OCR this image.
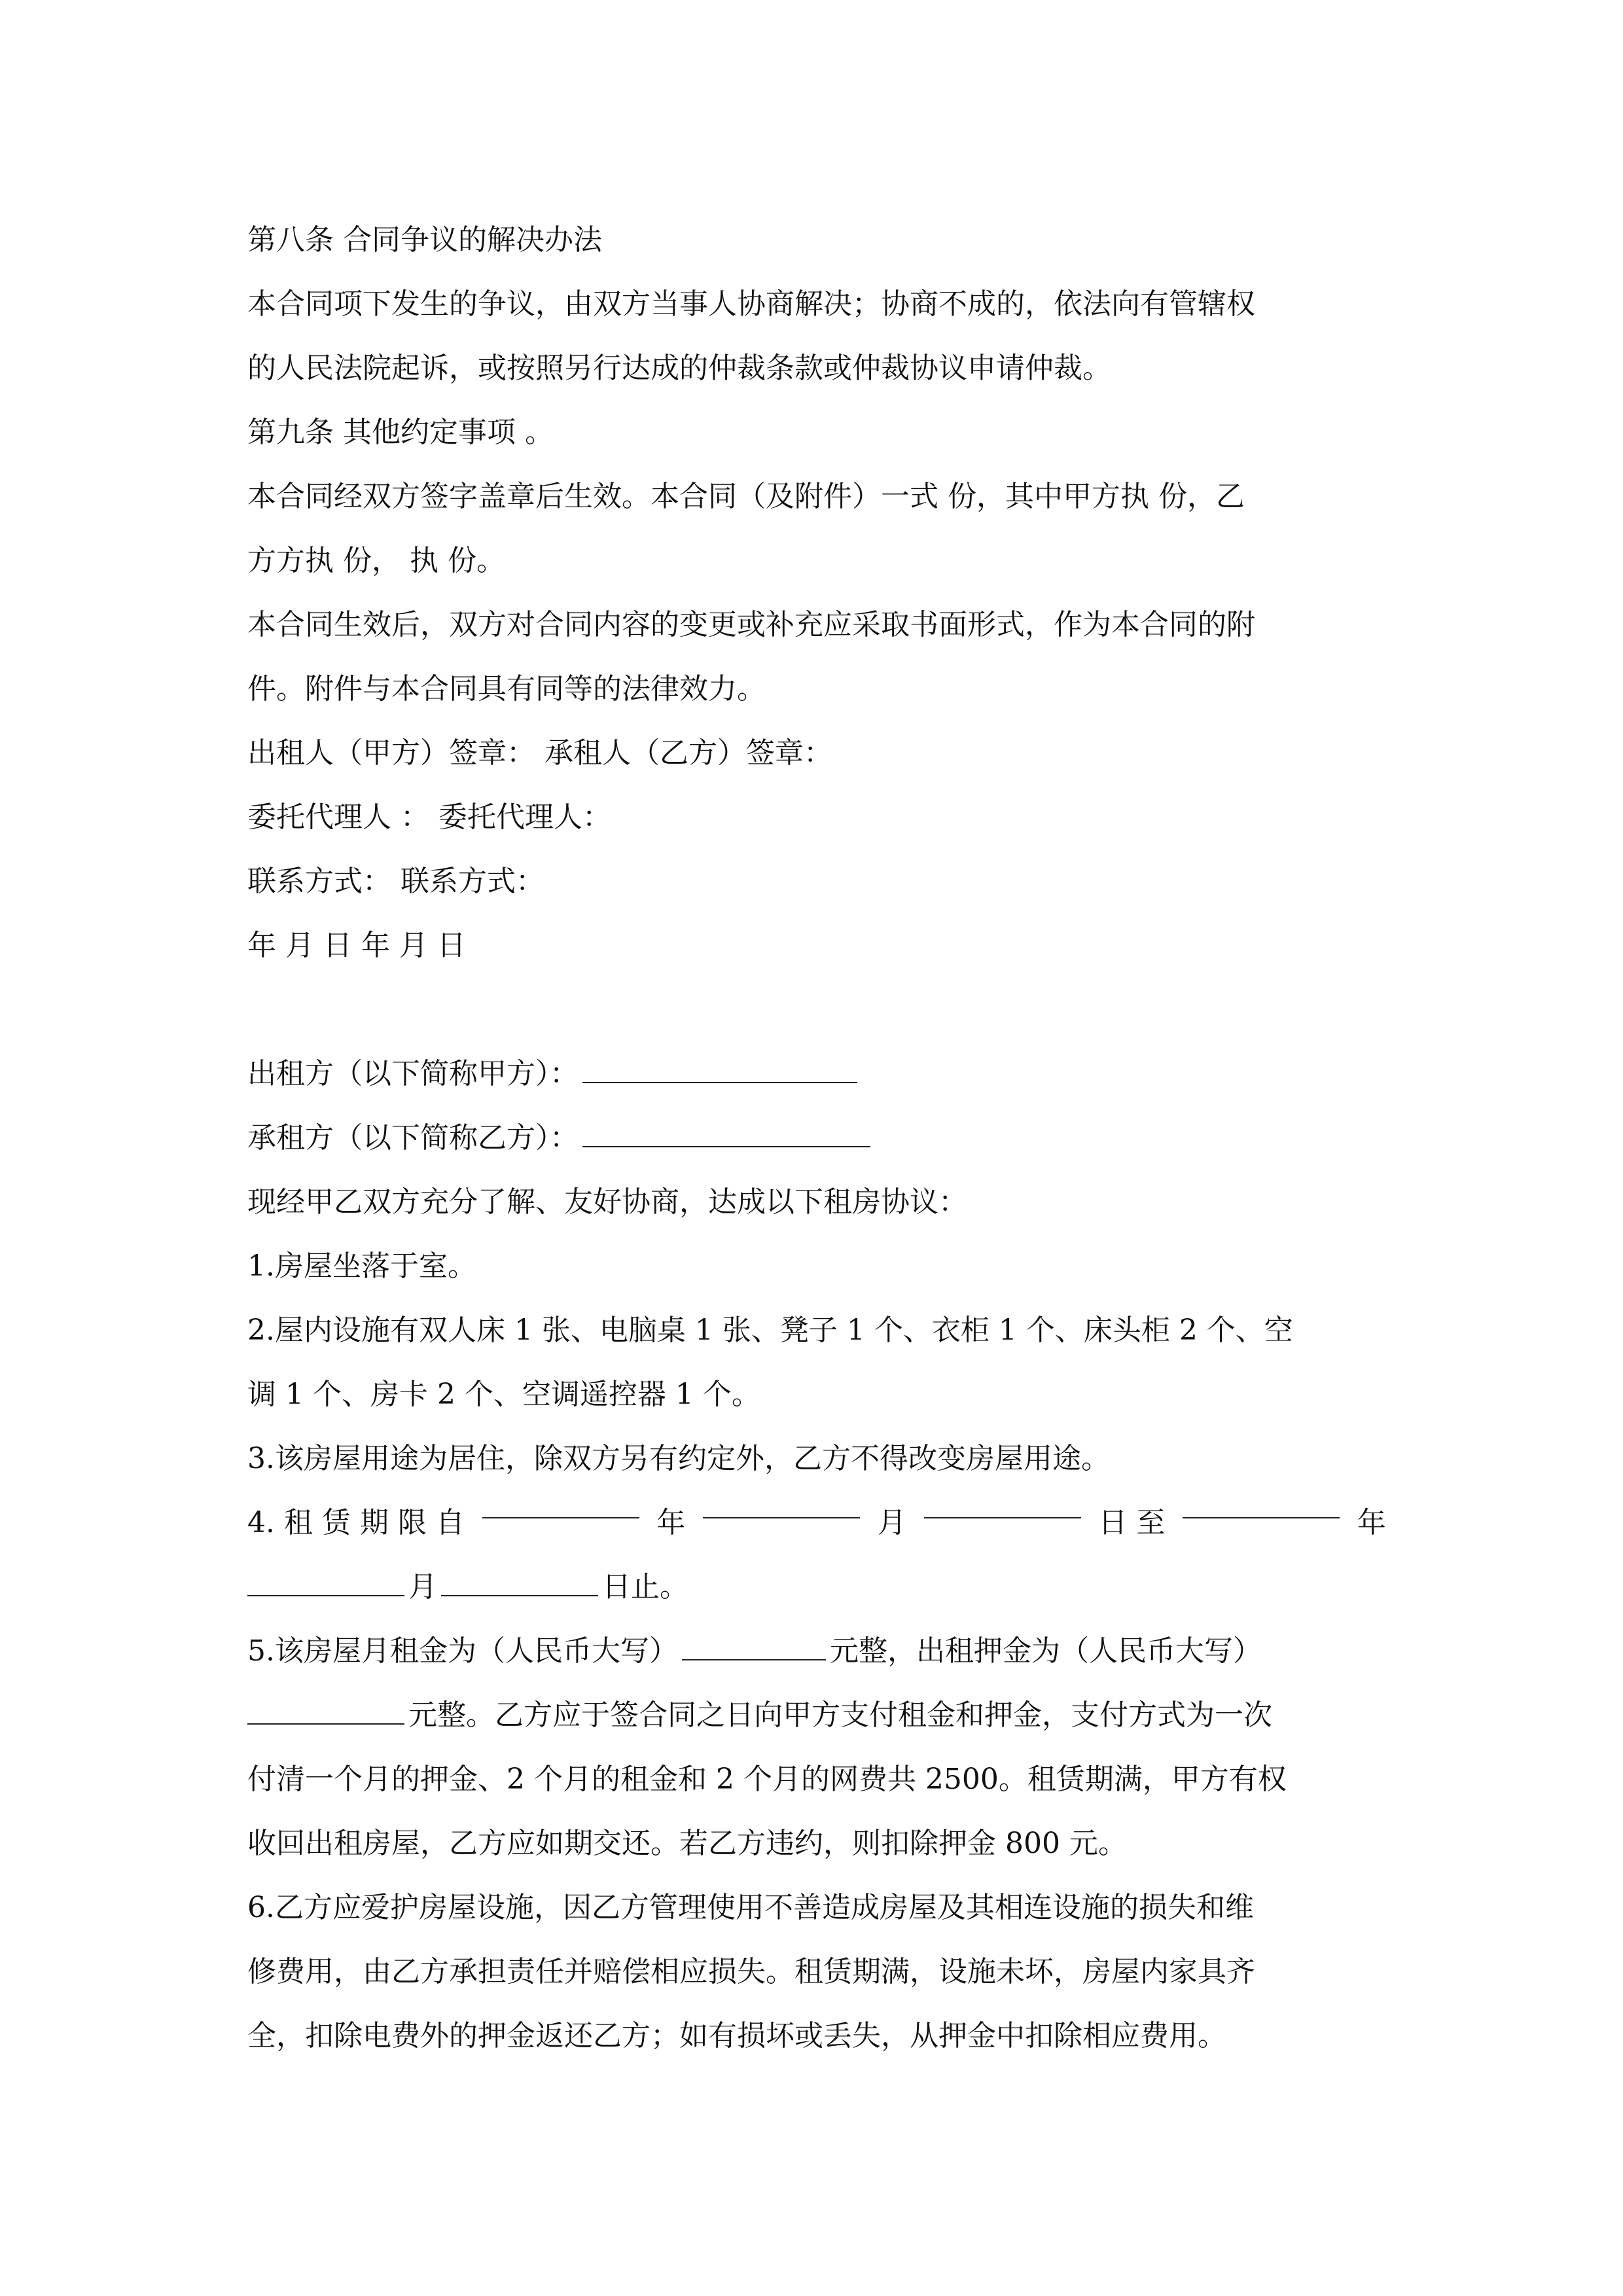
第八条 合同争议的解决办法

本合同项下发生的争议，由双方当事人协商解决；协商不成的，依法向有管辖权

的人民法院起诉，或按照另行达成的仲裁条款或仲裁协议申请仲裁。

第九条 其他约定事项 。

本合同经双方签字盖章后生效。本合同（及附件）一式 份，其中甲方执 份，乙

方方执 份， 执 份。

本合同生效后，双方对合同内容的变更或补充应采取书面形式，作为本合同的附

件。附件与本合同具有同等的法律效力。

出租人（甲方）签章： 承租人（乙方）签章：

委托代理人 ： 委托代理人：

联系方式： 联系方式：

年 月 日 年 月 日

出租方（以下简称甲方）：

承租方（以下简称乙方）：

现经甲乙双方充分了解、友好协商，达成以下租房协议：

1.房屋坐落于室。

2.屋内设施有双人床 1 张、电脑桌 1 张、凳子 1 个、衣柜 1 个、床头柜 2 个、空

调 1 个、房卡 2 个、空调遥控器 1 个。

3.该房屋用途为居住，除双方另有约定外，乙方不得改变房屋用途。

4. 租 赁 期 限 自	年	月	日 至	年

月	日止。

5.该房屋月租金为（人民币大写）	元整，出租押金为（人民币大写）

元整。乙方应于签合同之日向甲方支付租金和押金，支付方式为一次

付清一个月的押金、2 个月的租金和 2 个月的网费共 2500。租赁期满，甲方有权

收回出租房屋，乙方应如期交还。若乙方违约，则扣除押金 800 元。

6.乙方应爱护房屋设施，因乙方管理使用不善造成房屋及其相连设施的损失和维

修费用，由乙方承担责任并赔偿相应损失。租赁期满，设施未坏，房屋内家具齐

全，扣除电费外的押金返还乙方；如有损坏或丢失，从押金中扣除相应费用。
